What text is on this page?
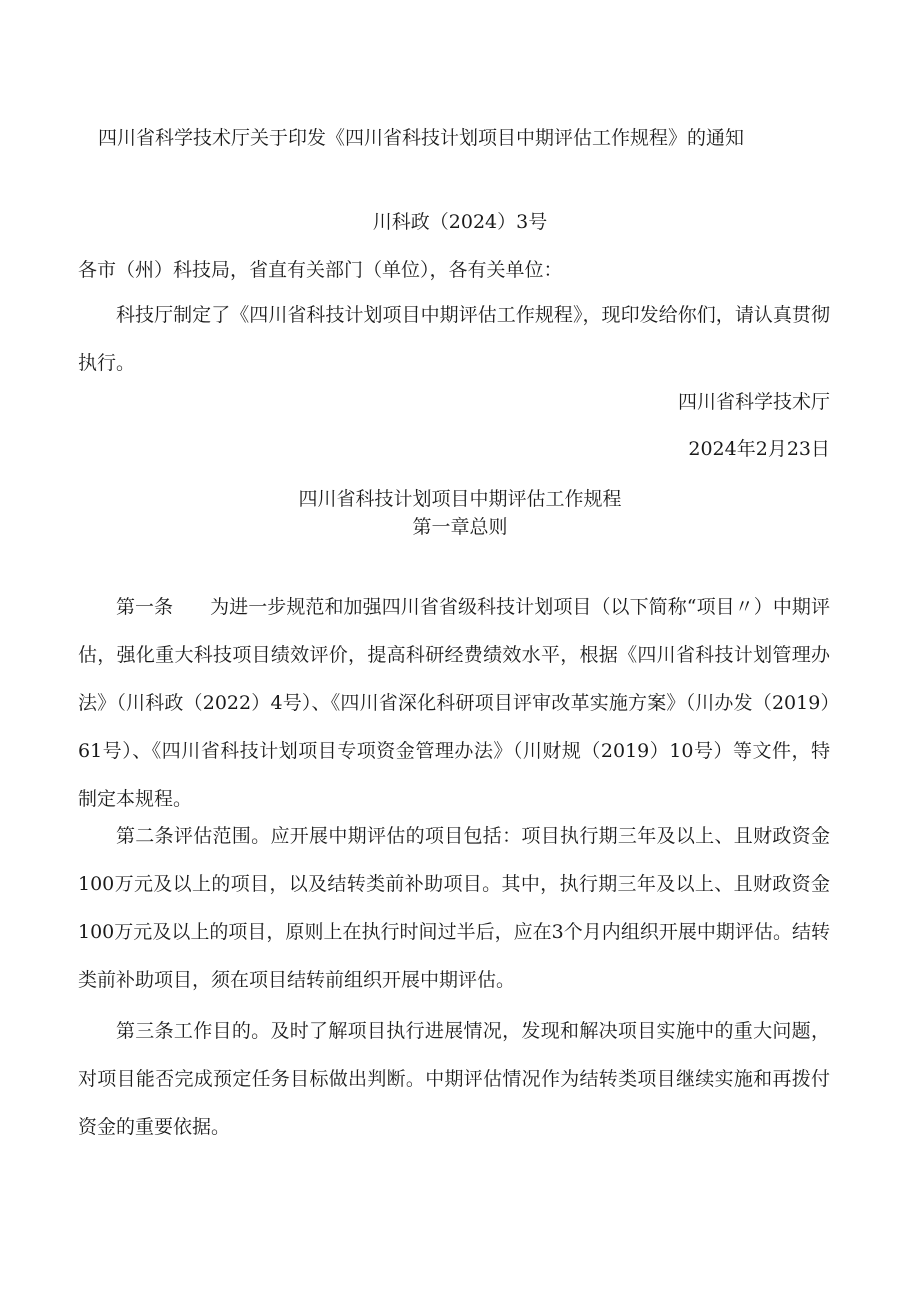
四川省科学技术厅关于印发《四川省科技计划项目中期评估工作规程》的通知
川科政（2024）3号
各市（州）科技局，省直有关部门（单位），各有关单位：

科技厅制定了《四川省科技计划项目中期评估工作规程》，现印发给你们，请认真贯彻执行。

四川省科学技术厅
2024年2月23日
四川省科技计划项目中期评估工作规程
第一章总则

第一条 为进一步规范和加强四川省省级科技计划项目（以下简称“项目〃）中期评估，强化重大科技项目绩效评价，提高科研经费绩效水平，根据《四川省科技计划管理办法》（川科政（2022）4号）、《四川省深化科研项目评审改革实施方案》（川办发（2019）61号）、《四川省科技计划项目专项资金管理办法》（川财规（2019）10号）等文件，特制定本规程。

第二条评估范围。应开展中期评估的项目包括：项目执行期三年及以上、且财政资金100万元及以上的项目，以及结转类前补助项目。其中，执行期三年及以上、且财政资金100万元及以上的项目，原则上在执行时间过半后，应在3个月内组织开展中期评估。结转类前补助项目，须在项目结转前组织开展中期评估。

第三条工作目的。及时了解项目执行进展情况，发现和解决项目实施中的重大问题，对项目能否完成预定任务目标做出判断。中期评估情况作为结转类项目继续实施和再拨付资金的重要依据。
